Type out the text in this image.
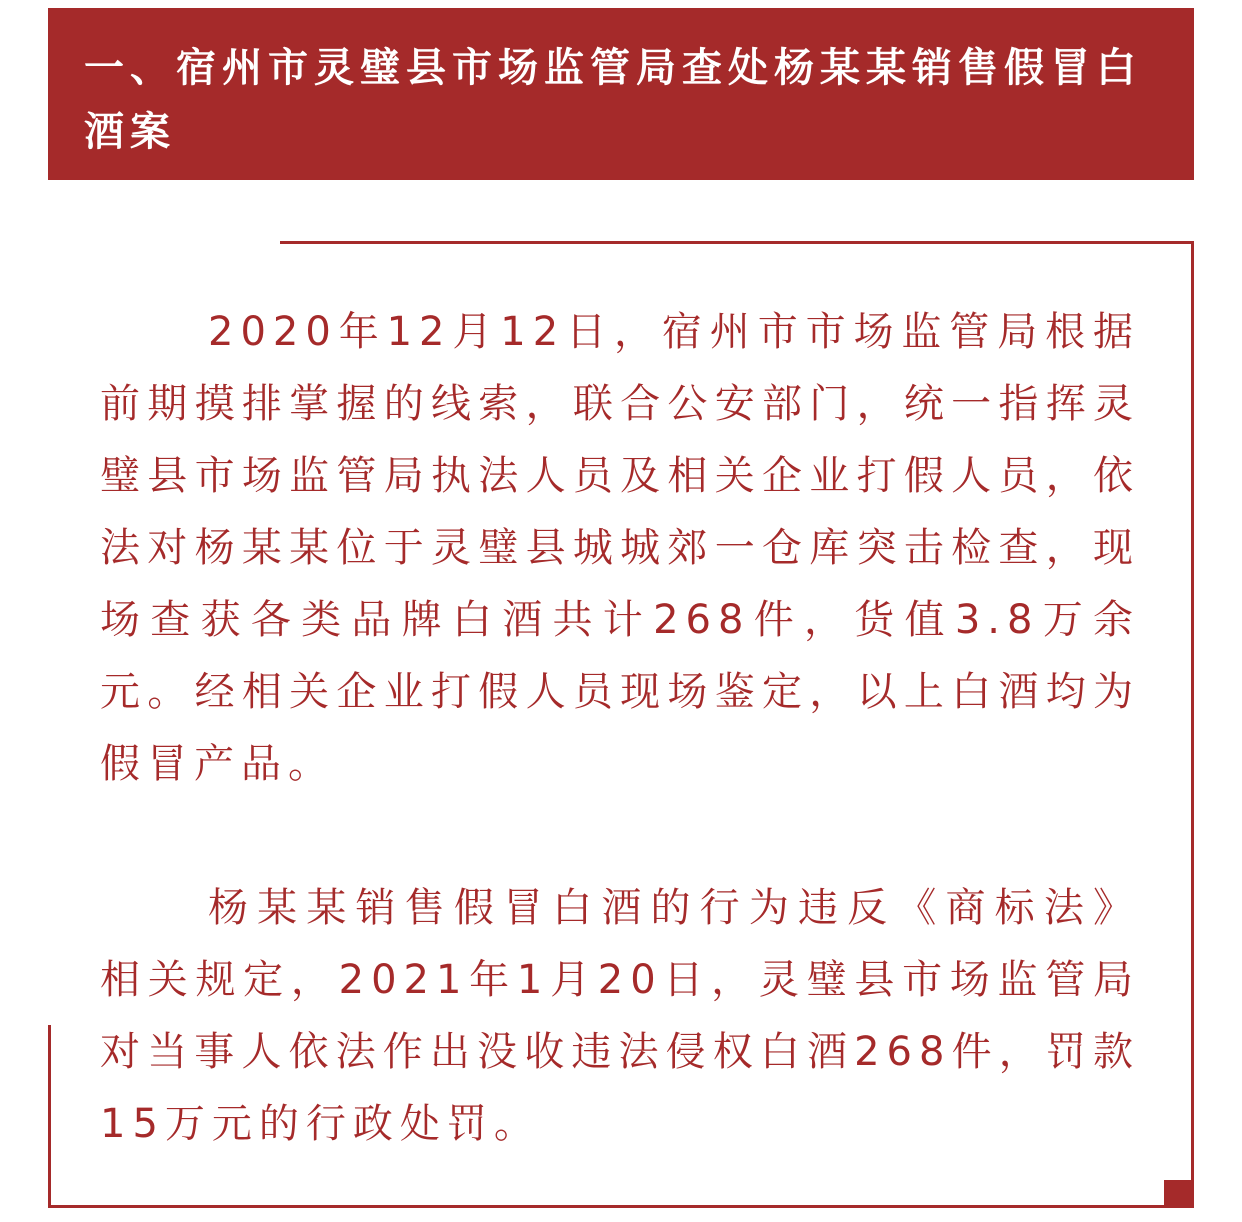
一、宿州市灵璧县市场监管局查处杨某某销售假冒白酒案

2020年12月12日，宿州市市场监管局根据前期摸排掌握的线索，联合公安部门，统一指挥灵璧县市场监管局执法人员及相关企业打假人员，依法对杨某某位于灵璧县城城郊一仓库突击检查，现场查获各类品牌白酒共计268件，货值3.8万余元。经相关企业打假人员现场鉴定，以上白酒均为假冒产品。

杨某某销售假冒白酒的行为违反《商标法》相关规定，2021年1月20日，灵璧县市场监管局对当事人依法作出没收违法侵权白酒268件，罚款15万元的行政处罚。
